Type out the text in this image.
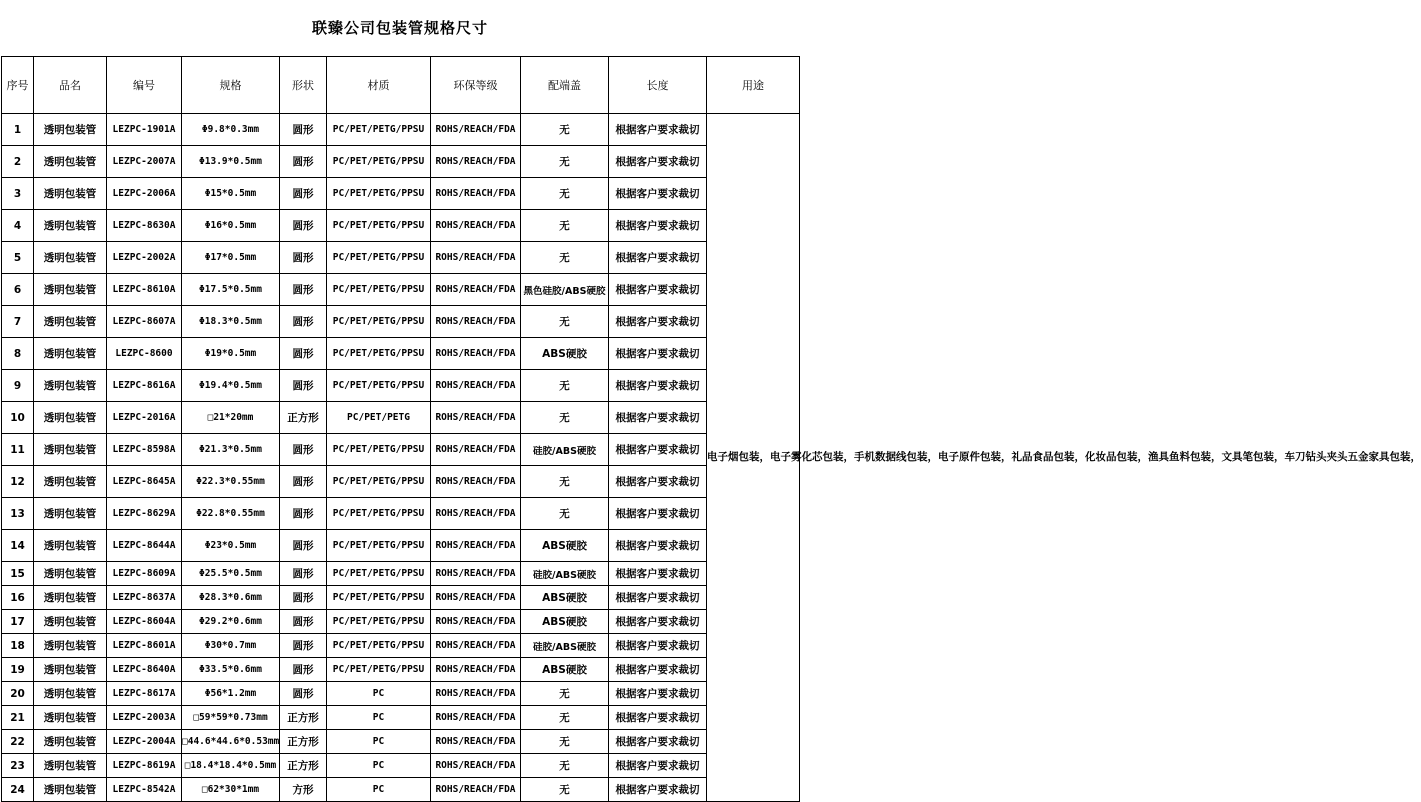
联臻公司包装管规格尺寸
序号	品名	编号	规格	形状	材质	环保等级	配端盖	长度	用途
1	透明包装管	LEZPC-1901A	Φ9.8*0.3mm	圆形	PC/PET/PETG/PPSU	ROHS/REACH/FDA	无	根据客户要求裁切	电子烟包装，电子雾化芯包装，手机数据线包装，电子原件包装，礼品食品包装，化妆品包装，渔具鱼料包装，文具笔包装，车刀钻头夹头五金家具包装，
2	透明包装管	LEZPC-2007A	Φ13.9*0.5mm	圆形	PC/PET/PETG/PPSU	ROHS/REACH/FDA	无	根据客户要求裁切	
3	透明包装管	LEZPC-2006A	Φ15*0.5mm	圆形	PC/PET/PETG/PPSU	ROHS/REACH/FDA	无	根据客户要求裁切	
4	透明包装管	LEZPC-8630A	Φ16*0.5mm	圆形	PC/PET/PETG/PPSU	ROHS/REACH/FDA	无	根据客户要求裁切	
5	透明包装管	LEZPC-2002A	Φ17*0.5mm	圆形	PC/PET/PETG/PPSU	ROHS/REACH/FDA	无	根据客户要求裁切	
6	透明包装管	LEZPC-8610A	Φ17.5*0.5mm	圆形	PC/PET/PETG/PPSU	ROHS/REACH/FDA	黑色硅胶/ABS硬胶	根据客户要求裁切	
7	透明包装管	LEZPC-8607A	Φ18.3*0.5mm	圆形	PC/PET/PETG/PPSU	ROHS/REACH/FDA	无	根据客户要求裁切	
8	透明包装管	LEZPC-8600	Φ19*0.5mm	圆形	PC/PET/PETG/PPSU	ROHS/REACH/FDA	ABS硬胶	根据客户要求裁切	
9	透明包装管	LEZPC-8616A	Φ19.4*0.5mm	圆形	PC/PET/PETG/PPSU	ROHS/REACH/FDA	无	根据客户要求裁切	
10	透明包装管	LEZPC-2016A	□21*20mm	正方形	PC/PET/PETG	ROHS/REACH/FDA	无	根据客户要求裁切	
11	透明包装管	LEZPC-8598A	Φ21.3*0.5mm	圆形	PC/PET/PETG/PPSU	ROHS/REACH/FDA	硅胶/ABS硬胶	根据客户要求裁切	
12	透明包装管	LEZPC-8645A	Φ22.3*0.55mm	圆形	PC/PET/PETG/PPSU	ROHS/REACH/FDA	无	根据客户要求裁切	
13	透明包装管	LEZPC-8629A	Φ22.8*0.55mm	圆形	PC/PET/PETG/PPSU	ROHS/REACH/FDA	无	根据客户要求裁切	
14	透明包装管	LEZPC-8644A	Φ23*0.5mm	圆形	PC/PET/PETG/PPSU	ROHS/REACH/FDA	ABS硬胶	根据客户要求裁切	
15	透明包装管	LEZPC-8609A	Φ25.5*0.5mm	圆形	PC/PET/PETG/PPSU	ROHS/REACH/FDA	硅胶/ABS硬胶	根据客户要求裁切	
16	透明包装管	LEZPC-8637A	Φ28.3*0.6mm	圆形	PC/PET/PETG/PPSU	ROHS/REACH/FDA	ABS硬胶	根据客户要求裁切	
17	透明包装管	LEZPC-8604A	Φ29.2*0.6mm	圆形	PC/PET/PETG/PPSU	ROHS/REACH/FDA	ABS硬胶	根据客户要求裁切	
18	透明包装管	LEZPC-8601A	Φ30*0.7mm	圆形	PC/PET/PETG/PPSU	ROHS/REACH/FDA	硅胶/ABS硬胶	根据客户要求裁切	
19	透明包装管	LEZPC-8640A	Φ33.5*0.6mm	圆形	PC/PET/PETG/PPSU	ROHS/REACH/FDA	ABS硬胶	根据客户要求裁切	
20	透明包装管	LEZPC-8617A	Φ56*1.2mm	圆形	PC	ROHS/REACH/FDA	无	根据客户要求裁切	
21	透明包装管	LEZPC-2003A	□59*59*0.73mm	正方形	PC	ROHS/REACH/FDA	无	根据客户要求裁切	
22	透明包装管	LEZPC-2004A	□44.6*44.6*0.53mm	正方形	PC	ROHS/REACH/FDA	无	根据客户要求裁切	
23	透明包装管	LEZPC-8619A	□18.4*18.4*0.5mm	正方形	PC	ROHS/REACH/FDA	无	根据客户要求裁切	
24	透明包装管	LEZPC-8542A	□62*30*1mm	方形	PC	ROHS/REACH/FDA	无	根据客户要求裁切	
